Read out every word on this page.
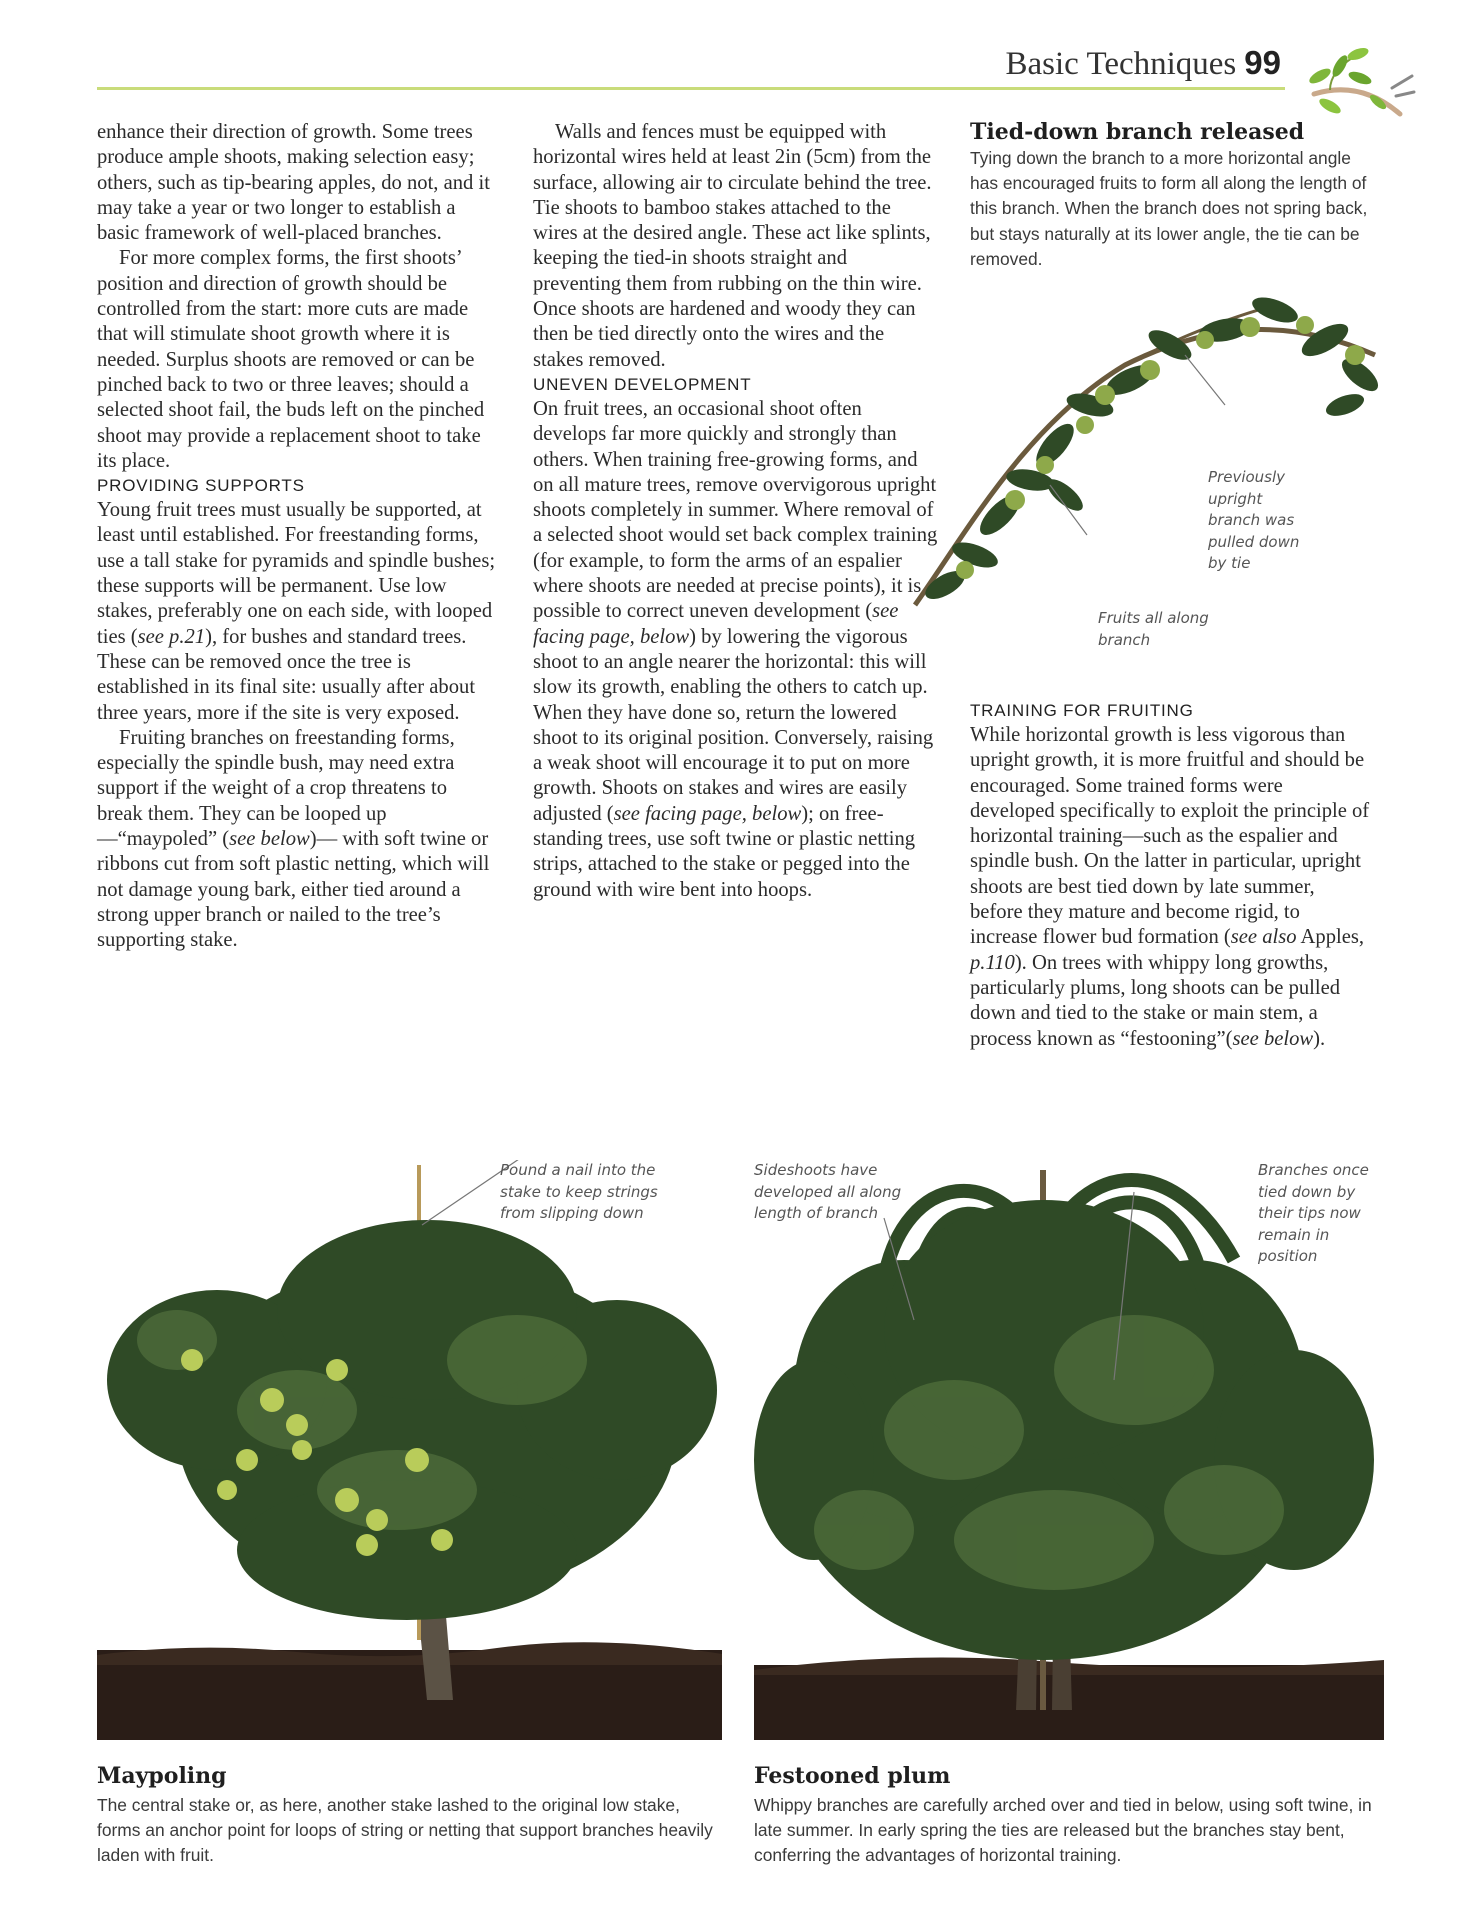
Basic Techniques 99

enhance their direction of growth. Some trees produce ample shoots, making selection easy; others, such as tip-bearing apples, do not, and it may take a year or two longer to establish a basic framework of well-placed branches.

For more complex forms, the first shoots’ position and direction of growth should be controlled from the start: more cuts are made that will stimulate shoot growth where it is needed. Surplus shoots are removed or can be pinched back to two or three leaves; should a selected shoot fail, the buds left on the pinched shoot may provide a replacement shoot to take its place.

PROVIDING SUPPORTS

Young fruit trees must usually be supported, at least until established. For freestanding forms, use a tall stake for pyramids and spindle bushes; these supports will be permanent. Use low stakes, preferably one on each side, with looped ties (see p.21), for bushes and standard trees. These can be removed once the tree is established in its final site: usually after about three years, more if the site is very exposed.

Fruiting branches on freestanding forms, especially the spindle bush, may need extra support if the weight of a crop threatens to break them. They can be looped up—“maypoled” (see below)— with soft twine or ribbons cut from soft plastic netting, which will not damage young bark, either tied around a strong upper branch or nailed to the tree’s supporting stake.

Walls and fences must be equipped with horizontal wires held at least 2in (5cm) from the surface, allowing air to circulate behind the tree. Tie shoots to bamboo stakes attached to the wires at the desired angle. These act like splints, keeping the tied-in shoots straight and preventing them from rubbing on the thin wire. Once shoots are hardened and woody they can then be tied directly onto the wires and the stakes removed.

UNEVEN DEVELOPMENT

On fruit trees, an occasional shoot often develops far more quickly and strongly than others. When training free-growing forms, and on all mature trees, remove overvigorous upright shoots completely in summer. Where removal of a selected shoot would set back complex training (for example, to form the arms of an espalier where shoots are needed at precise points), it is possible to correct uneven development (see facing page, below) by lowering the vigorous shoot to an angle nearer the horizontal: this will slow its growth, enabling the others to catch up. When they have done so, return the lowered shoot to its original position. Conversely, raising a weak shoot will encourage it to put on more growth. Shoots on stakes and wires are easily adjusted (see facing page, below); on free-standing trees, use soft twine or plastic netting strips, attached to the stake or pegged into the ground with wire bent into hoops.

Tied-down branch released
Tying down the branch to a more horizontal angle has encouraged fruits to form all along the length of this branch. When the branch does not spring back, but stays naturally at its lower angle, the tie can be removed.
Previously upright branch was pulled down by tie
Fruits all along branch

TRAINING FOR FRUITING

While horizontal growth is less vigorous than upright growth, it is more fruitful and should be encouraged. Some trained forms were developed specifically to exploit the principle of horizontal training—such as the espalier and spindle bush. On the latter in particular, upright shoots are best tied down by late summer, before they mature and become rigid, to increase flower bud formation (see also Apples, p.110). On trees with whippy long growths, particularly plums, long shoots can be pulled down and tied to the stake or main stem, a process known as “festooning”(see below).

Pound a nail into the stake to keep strings from slipping down
Maypoling
The central stake or, as here, another stake lashed to the original low stake, forms an anchor point for loops of string or netting that support branches heavily laden with fruit.
Sideshoots have developed all along length of branch
Branches once tied down by their tips now remain in position
Festooned plum
Whippy branches are carefully arched over and tied in below, using soft twine, in late summer. In early spring the ties are released but the branches stay bent, conferring the advantages of horizontal training.
